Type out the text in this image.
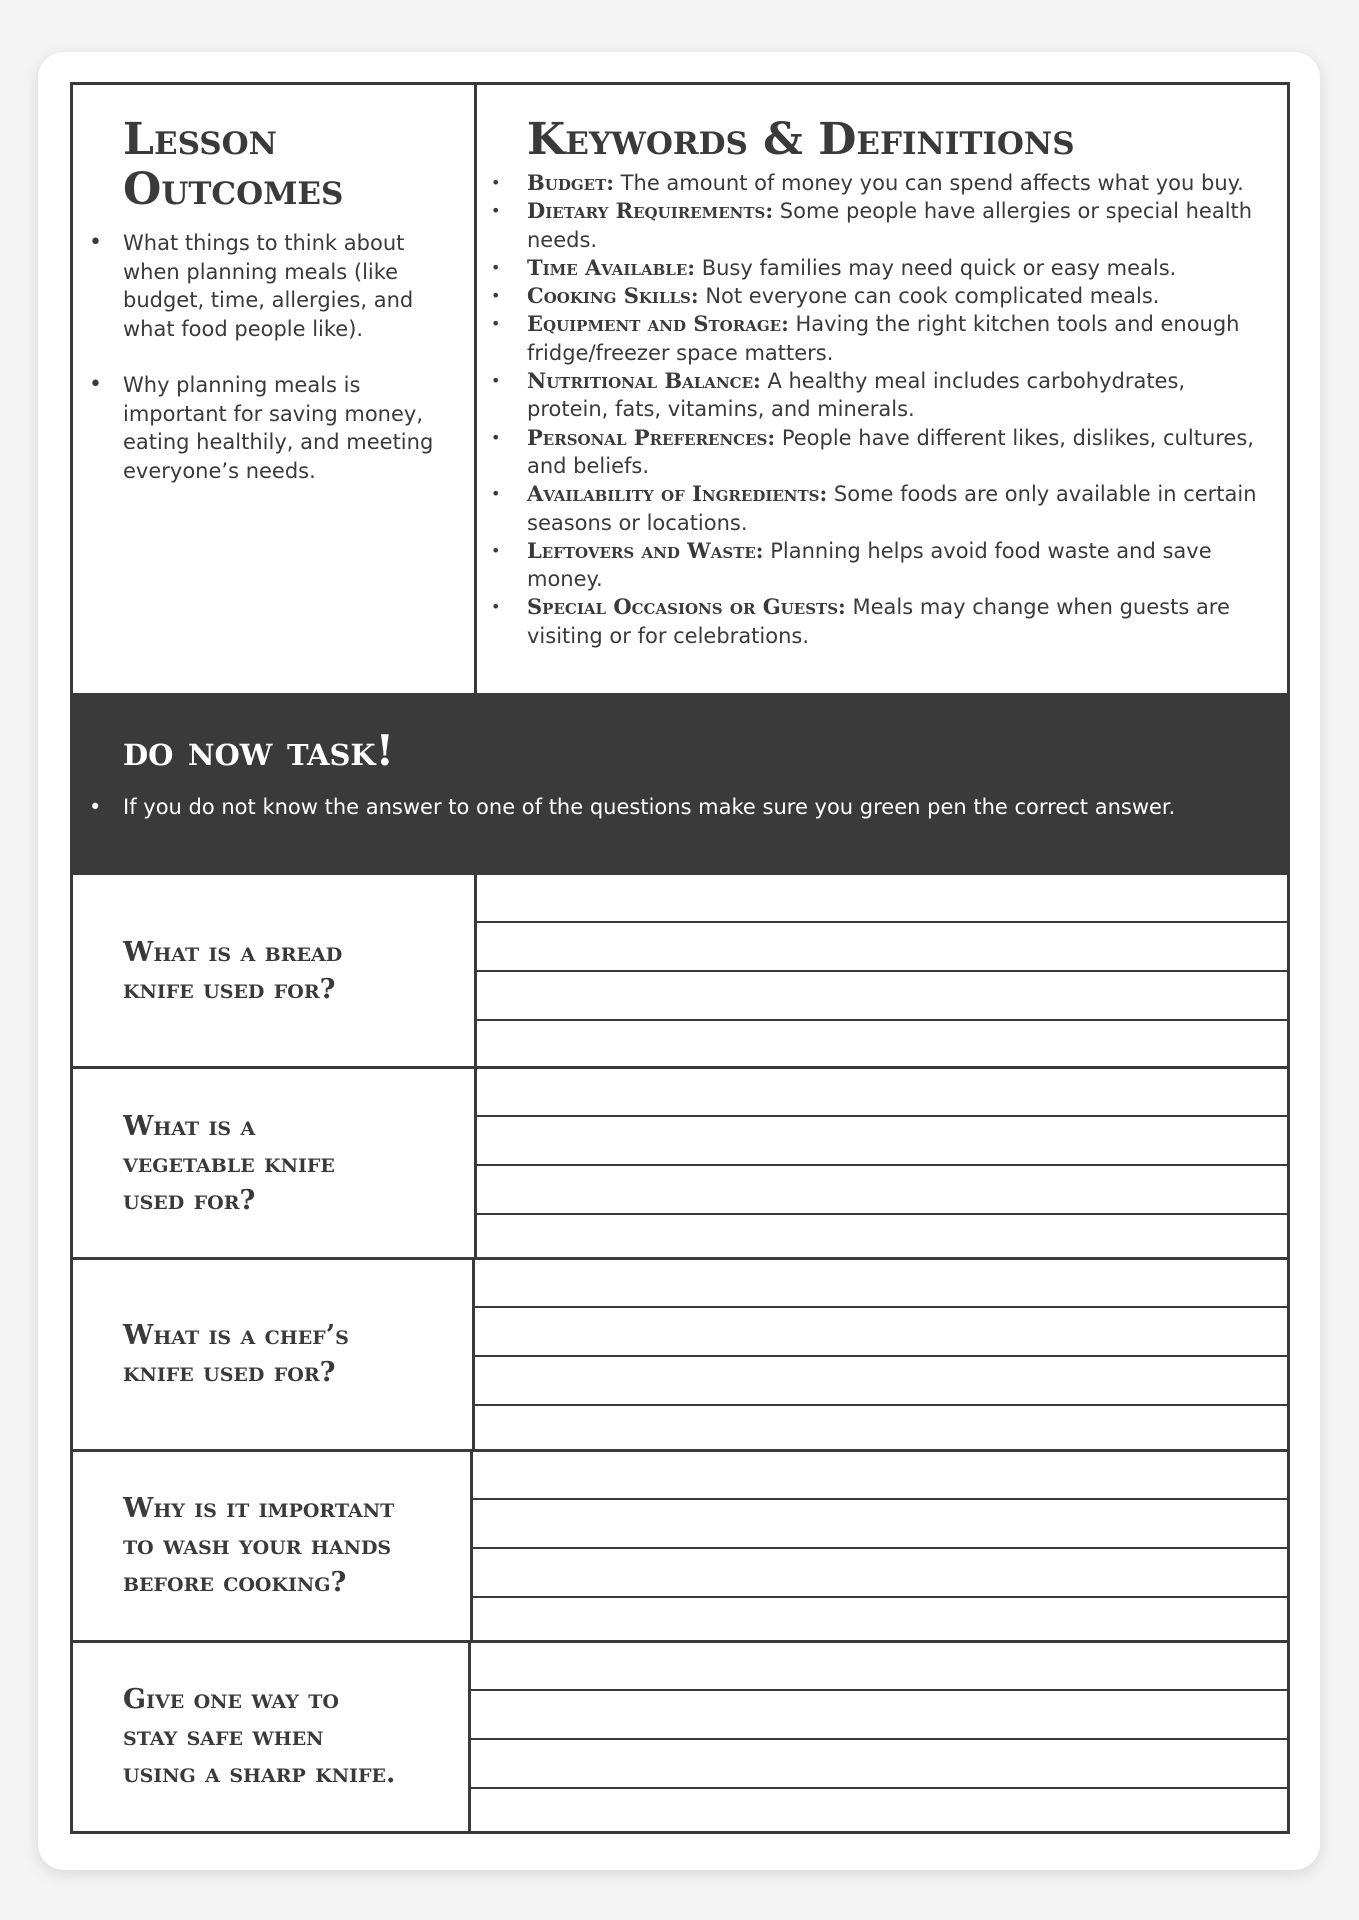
Lesson
Outcomes
• What things to think about when planning meals (like budget, time, allergies, and what food people like).
• Why planning meals is important for saving money, eating healthily, and meeting everyone’s needs.
Keywords & Definitions
• Budget: The amount of money you can spend affects what you buy.
• Dietary Requirements: Some people have allergies or special health needs.
• Time Available: Busy families may need quick or easy meals.
• Cooking Skills: Not everyone can cook complicated meals.
• Equipment and Storage: Having the right kitchen tools and enough fridge/freezer space matters.
• Nutritional Balance: A healthy meal includes carbohydrates, protein, fats, vitamins, and minerals.
• Personal Preferences: People have different likes, dislikes, cultures, and beliefs.
• Availability of Ingredients: Some foods are only available in certain seasons or locations.
• Leftovers and Waste: Planning helps avoid food waste and save money.
• Special Occasions or Guests: Meals may change when guests are visiting or for celebrations.
do now task!
• If you do not know the answer to one of the questions make sure you green pen the correct answer.
What is a bread
knife used for?
What is a
vegetable knife
used for?
What is a chef’s
knife used for?
Why is it important
to wash your hands
before cooking?
Give one way to
stay safe when
using a sharp knife.
